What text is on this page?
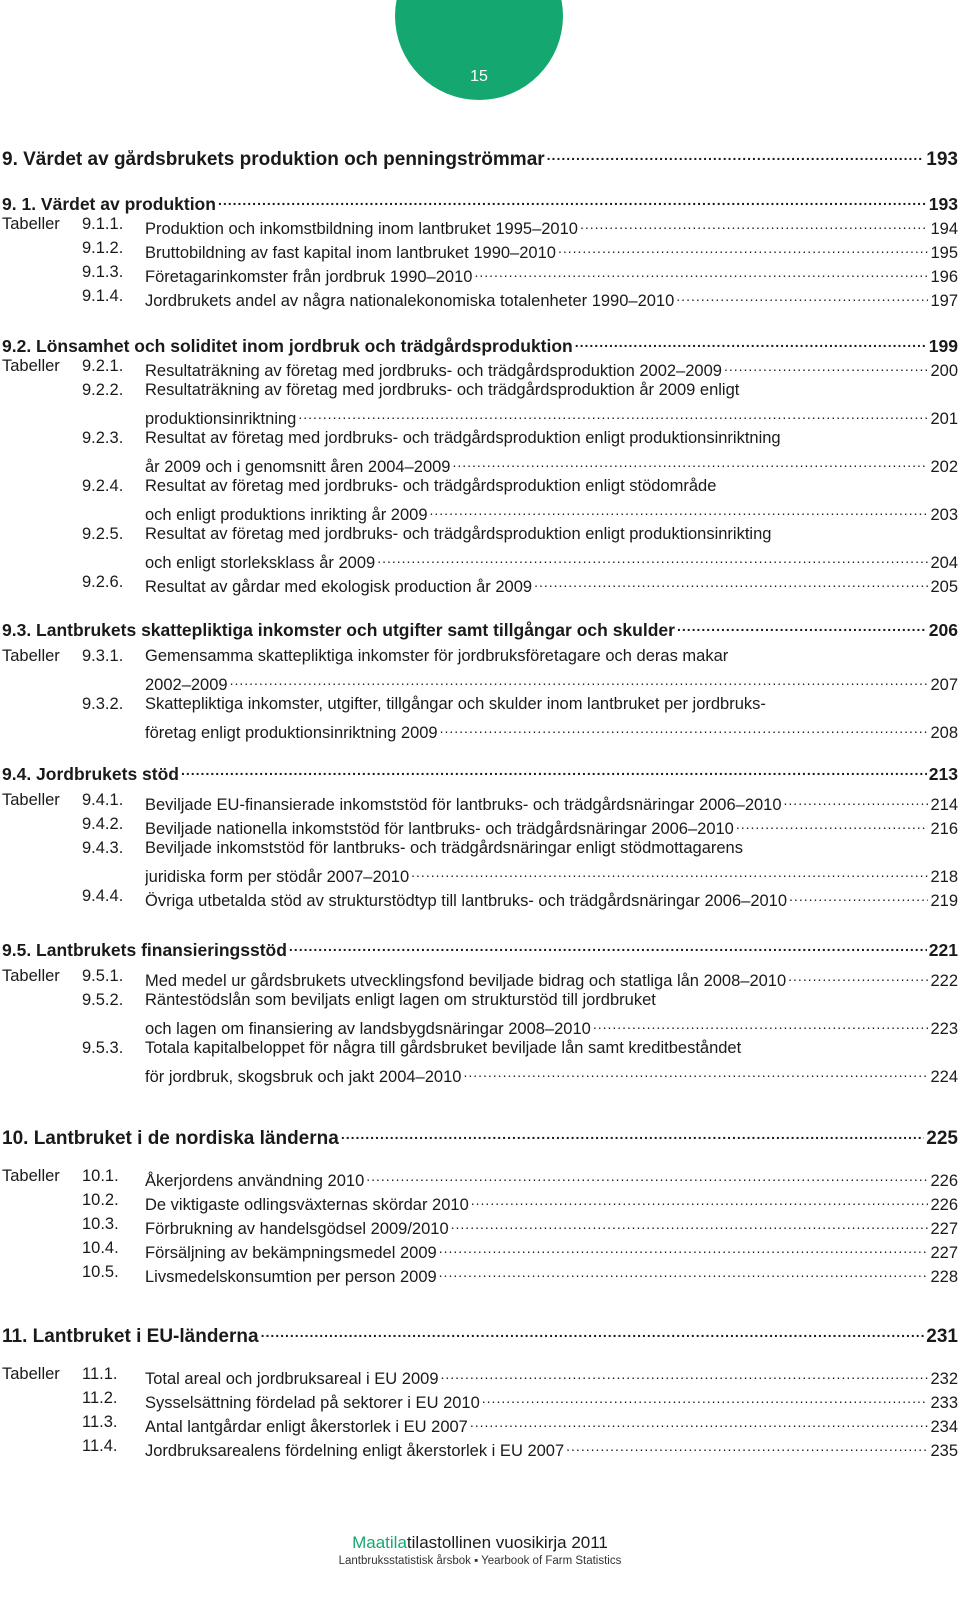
15
9. Värdet av gårdsbrukets produktion och penningströmmar .....	193
9. 1. Värdet av produktion .....	193
Tabeller 9.1.1. Produktion och inkomstbildning inom lantbruket 1995–2010 .....	194
9.1.2. Bruttobildning av fast kapital inom lantbruket 1990–2010 .....	195
9.1.3. Företagarinkomster från jordbruk 1990–2010 .....	196
9.1.4. Jordbrukets andel av några nationalekonomiska totalenheter 1990–2010 .....	197
9.2. Lönsamhet och soliditet inom jordbruk och trädgårdsproduktion .....	199
Tabeller 9.2.1. Resultaträkning av företag med jordbruks- och trädgårdsproduktion 2002–2009 .....	200
9.2.2. Resultaträkning av företag med jordbruks- och trädgårdsproduktion år 2009 enligt
produktionsinriktning .....	201
9.2.3. Resultat av företag med jordbruks- och trädgårdsproduktion enligt produktionsinriktning
år 2009 och i genomsnitt åren 2004–2009 .....	202
9.2.4. Resultat av företag med jordbruks- och trädgårdsproduktion enligt stödområde
och enligt produktions inrikting år 2009 .....	203
9.2.5. Resultat av företag med jordbruks- och trädgårdsproduktion enligt produktionsinrikting
och enligt storleksklass år 2009 .....	204
9.2.6. Resultat av gårdar med ekologisk production år 2009 .....	205
9.3. Lantbrukets skattepliktiga inkomster och utgifter samt tillgångar och skulder .....	206
Tabeller 9.3.1. Gemensamma skattepliktiga inkomster för jordbruksföretagare och deras makar
2002–2009 .....	207
9.3.2. Skattepliktiga inkomster, utgifter, tillgångar och skulder inom lantbruket per jordbruks-
företag enligt produktionsinriktning 2009 .....	208
9.4. Jordbrukets stöd .....	213
Tabeller 9.4.1. Beviljade EU-finansierade inkomststöd för lantbruks- och trädgårdsnäringar 2006–2010 .....	214
9.4.2. Beviljade nationella inkomststöd för lantbruks- och trädgårdsnäringar 2006–2010 .....	216
9.4.3. Beviljade inkomststöd för lantbruks- och trädgårdsnäringar enligt stödmottagarens
juridiska form per stödår 2007–2010 .....	218
9.4.4. Övriga utbetalda stöd av strukturstödtyp till lantbruks- och trädgårdsnäringar 2006–2010 .....	219
9.5. Lantbrukets finansieringsstöd .....	221
Tabeller 9.5.1. Med medel ur gårdsbrukets utvecklingsfond beviljade bidrag och statliga lån 2008–2010 .....	222
9.5.2. Räntestödslån som beviljats enligt lagen om strukturstöd till jordbruket
och lagen om finansiering av landsbygdsnäringar 2008–2010 .....	223
9.5.3. Totala kapitalbeloppet för några till gårdsbruket beviljade lån samt kreditbeståndet
för jordbruk, skogsbruk och jakt 2004–2010 .....	224
10. Lantbruket i de nordiska länderna .....	225
Tabeller 10.1. Åkerjordens användning 2010 .....	226
10.2. De viktigaste odlingsväxternas skördar 2010 .....	226
10.3. Förbrukning av handelsgödsel 2009/2010 .....	227
10.4. Försäljning av bekämpningsmedel 2009 .....	227
10.5. Livsmedelskonsumtion per person 2009 .....	228
11. Lantbruket i EU-länderna .....	231
Tabeller 11.1. Total areal och jordbruksareal i EU 2009 .....	232
11.2. Sysselsättning fördelad på sektorer i EU 2010 .....	233
11.3. Antal lantgårdar enligt åkerstorlek i EU 2007 .....	234
11.4. Jordbruksarealens fördelning enligt åkerstorlek i EU 2007 .....	235
Maatilatilastollinen vuosikirja 2011
Lantbruksstatistisk årsbok ▪ Yearbook of Farm Statistics
